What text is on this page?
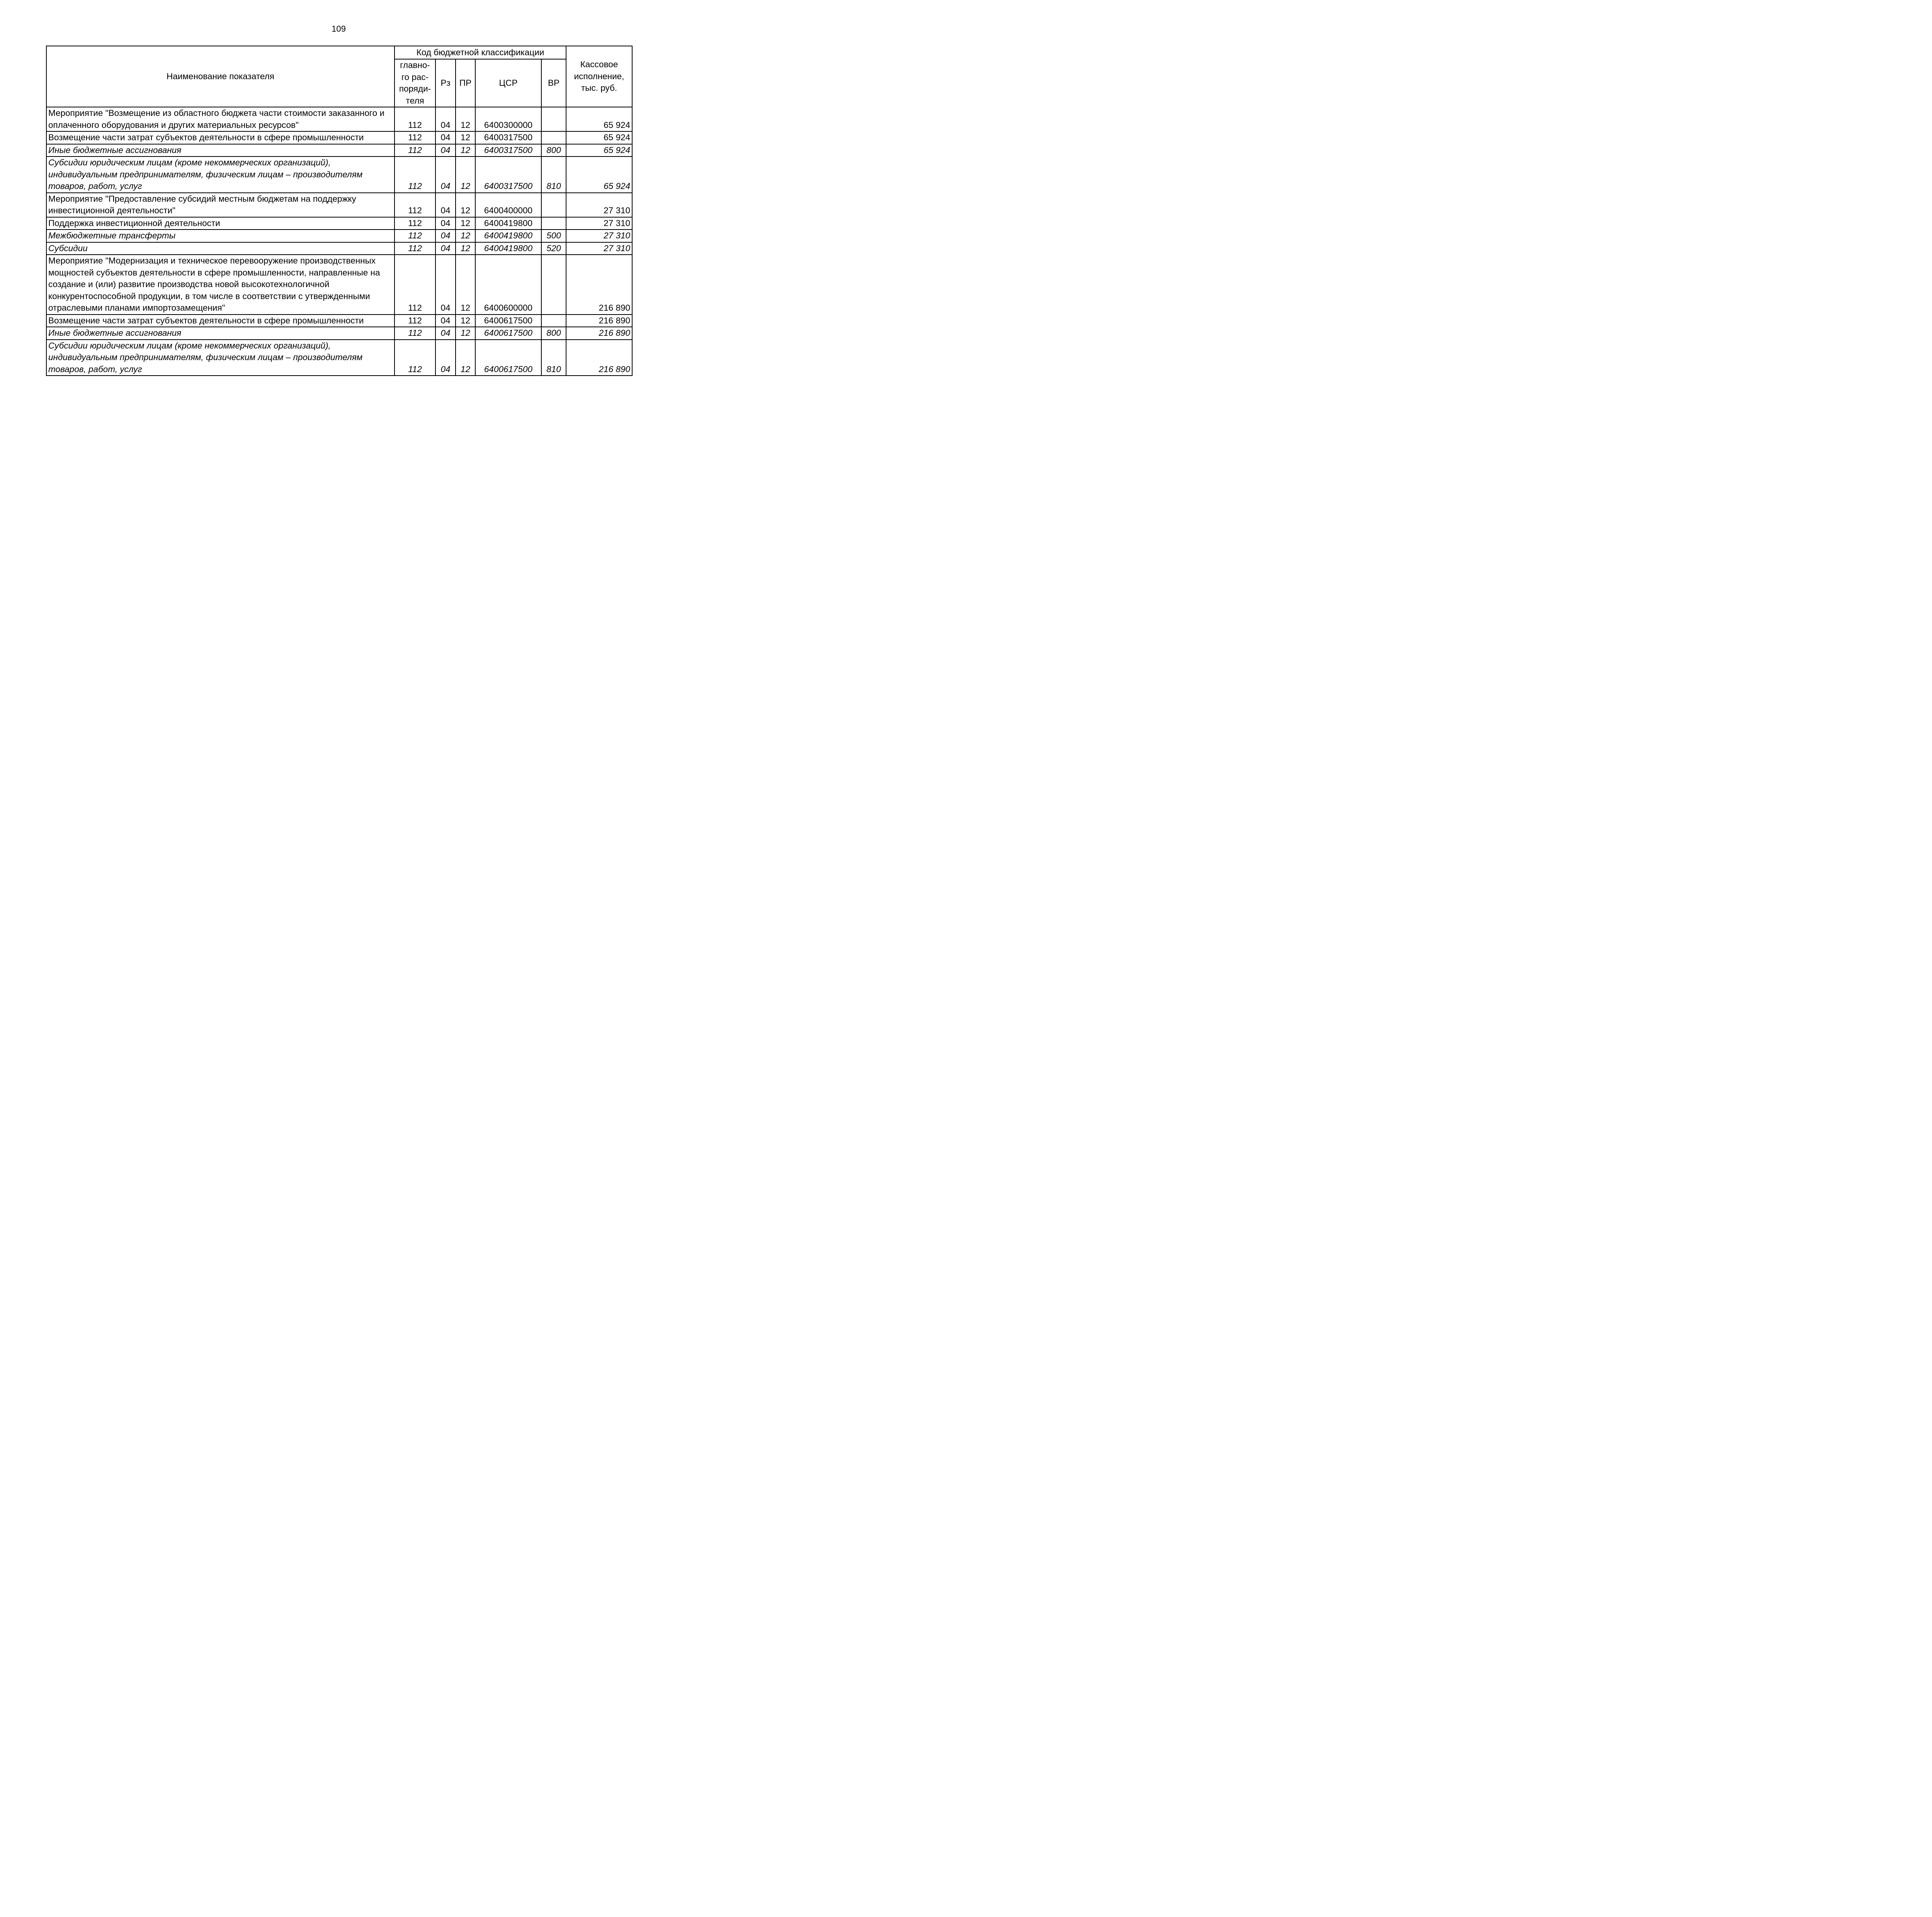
109
Наименование показателя	Код бюджетной классификации					Кассовое исполнение, тыс. руб.
	главно-го рас-поряди-теля	Рз	ПР	ЦСР	ВР	
Мероприятие "Возмещение из областного бюджета части стоимости заказанного и оплаченного оборудования и других материальных ресурсов"	112	04	12	6400300000		65 924
Возмещение части затрат субъектов деятельности в сфере промышленности	112	04	12	6400317500		65 924
Иные бюджетные ассигнования	112	04	12	6400317500	800	65 924
Субсидии юридическим лицам (кроме некоммерческих организаций), индивидуальным предпринимателям, физическим лицам – производителям товаров, работ, услуг	112	04	12	6400317500	810	65 924
Мероприятие "Предоставление субсидий местным бюджетам на поддержку инвестиционной деятельности"	112	04	12	6400400000		27 310
Поддержка инвестиционной деятельности	112	04	12	6400419800		27 310
Межбюджетные трансферты	112	04	12	6400419800	500	27 310
Субсидии	112	04	12	6400419800	520	27 310
Мероприятие "Модернизация и техническое перевооружение производственных мощностей субъектов деятельности в сфере промышленности, направленные на создание и (или) развитие производства новой высокотехнологичной конкурентоспособной продукции, в том числе в соответствии с утвержденными отраслевыми планами импортозамещения"	112	04	12	6400600000		216 890
Возмещение части затрат субъектов деятельности в сфере промышленности	112	04	12	6400617500		216 890
Иные бюджетные ассигнования	112	04	12	6400617500	800	216 890
Субсидии юридическим лицам (кроме некоммерческих организаций), индивидуальным предпринимателям, физическим лицам – производителям товаров, работ, услуг	112	04	12	6400617500	810	216 890
